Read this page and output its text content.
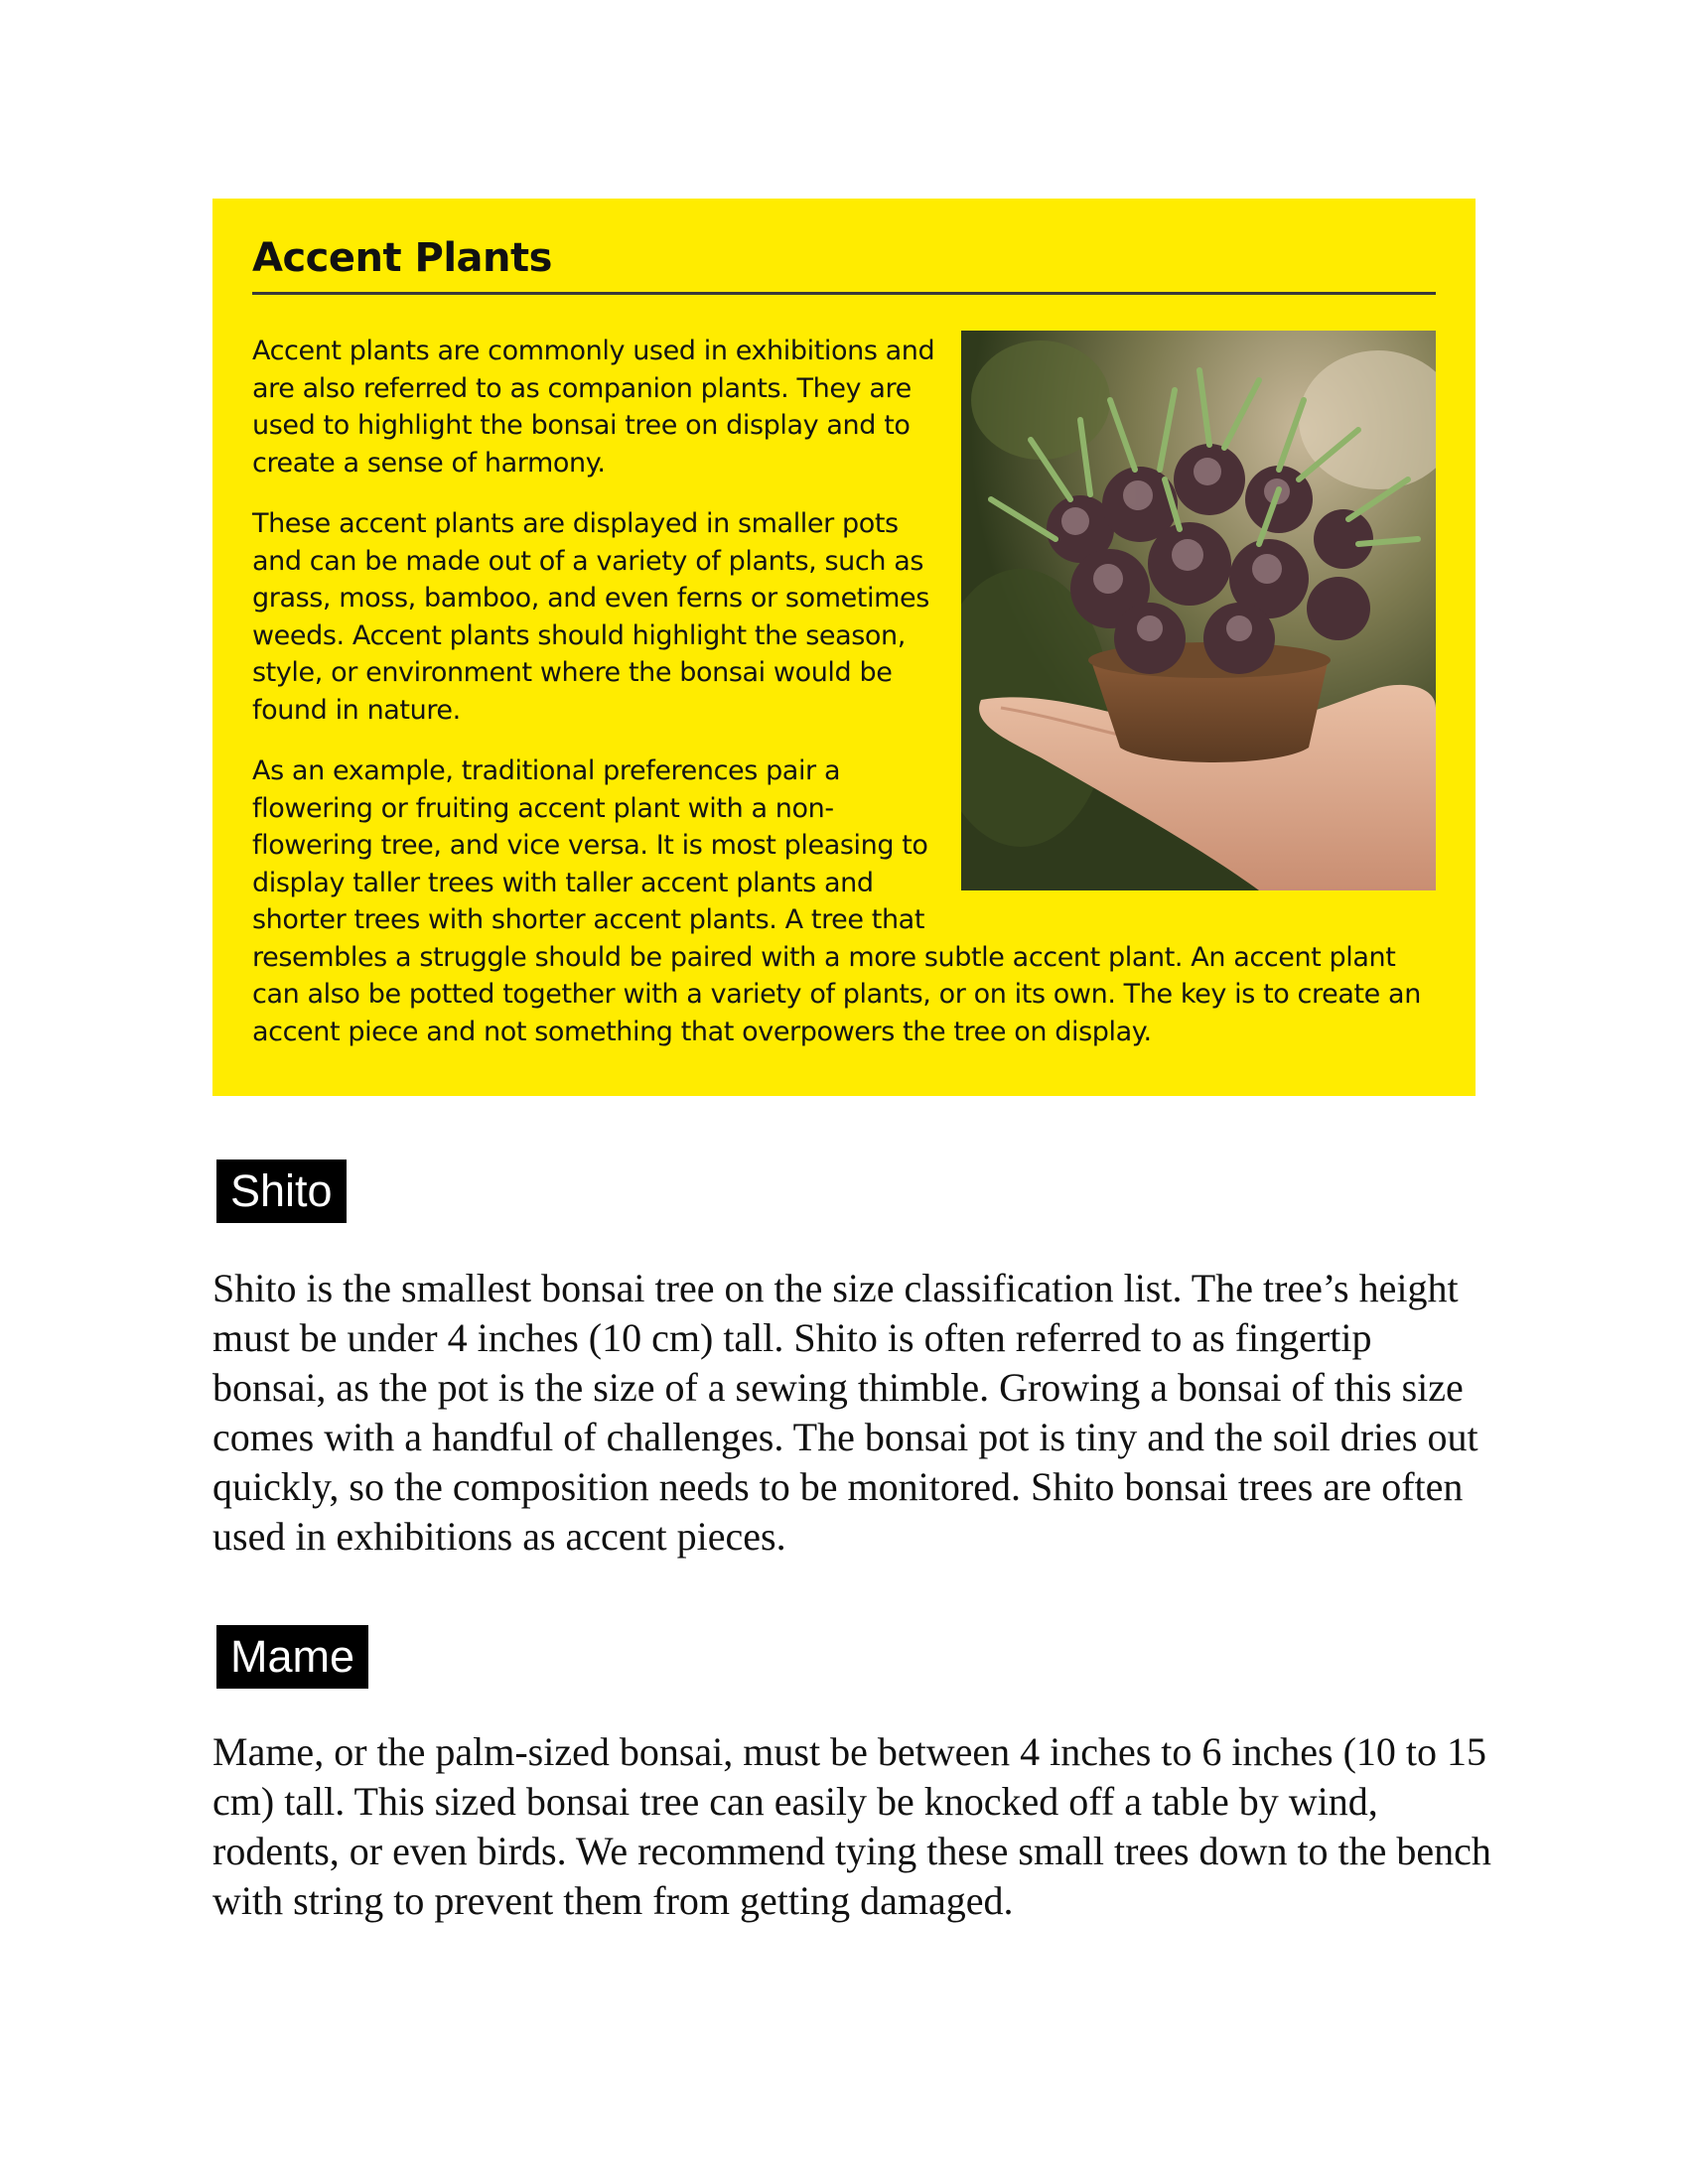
Accent Plants

Accent plants are commonly used in exhibitions and are also referred to as companion plants. They are used to highlight the bonsai tree on display and to create a sense of harmony.

These accent plants are displayed in smaller pots and can be made out of a variety of plants, such as grass, moss, bamboo, and even ferns or sometimes weeds. Accent plants should highlight the season, style, or environment where the bonsai would be found in nature.

As an example, traditional preferences pair a flowering or fruiting accent plant with a non-flowering tree, and vice versa. It is most pleasing to display taller trees with taller accent plants and shorter trees with shorter accent plants. A tree that resembles a struggle should be paired with a more subtle accent plant. An accent plant can also be potted together with a variety of plants, or on its own. The key is to create an accent piece and not something that overpowers the tree on display.

Shito

Shito is the smallest bonsai tree on the size classification list. The tree’s height must be under 4 inches (10 cm) tall. Shito is often referred to as fingertip bonsai, as the pot is the size of a sewing thimble. Growing a bonsai of this size comes with a handful of challenges. The bonsai pot is tiny and the soil dries out quickly, so the composition needs to be monitored. Shito bonsai trees are often used in exhibitions as accent pieces.

Mame

Mame, or the palm-sized bonsai, must be between 4 inches to 6 inches (10 to 15 cm) tall. This sized bonsai tree can easily be knocked off a table by wind, rodents, or even birds. We recommend tying these small trees down to the bench with string to prevent them from getting damaged.
